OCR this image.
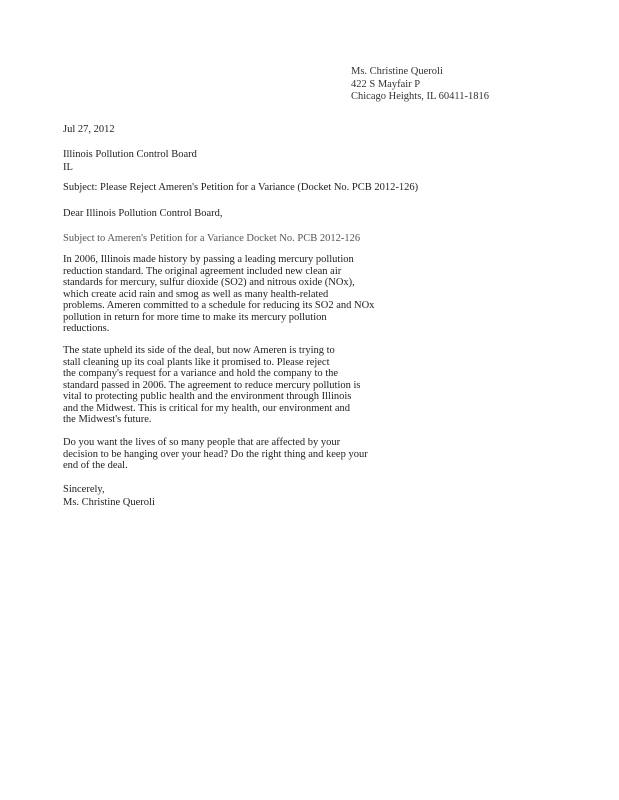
Ms. Christine Queroli
422 S Mayfair P
Chicago Heights, IL 60411-1816
Jul 27, 2012
Illinois Pollution Control Board
IL
Subject: Please Reject Ameren's Petition for a Variance (Docket No. PCB 2012-126)
Dear Illinois Pollution Control Board,
Subject to Ameren's Petition for a Variance Docket No. PCB 2012-126
In 2006, Illinois made history by passing a leading mercury pollution
reduction standard. The original agreement included new clean air
standards for mercury, sulfur dioxide (SO2) and nitrous oxide (NOx),
which create acid rain and smog as well as many health-related
problems. Ameren committed to a schedule for reducing its SO2 and NOx
pollution in return for more time to make its mercury pollution
reductions.
The state upheld its side of the deal, but now Ameren is trying to
stall cleaning up its coal plants like it promised to. Please reject
the company's request for a variance and hold the company to the
standard passed in 2006. The agreement to reduce mercury pollution is
vital to protecting public health and the environment through Illinois
and the Midwest. This is critical for my health, our environment and
the Midwest's future.
Do you want the lives of so many people that are affected by your
decision to be hanging over your head? Do the right thing and keep your
end of the deal.
Sincerely,
Ms. Christine Queroli
